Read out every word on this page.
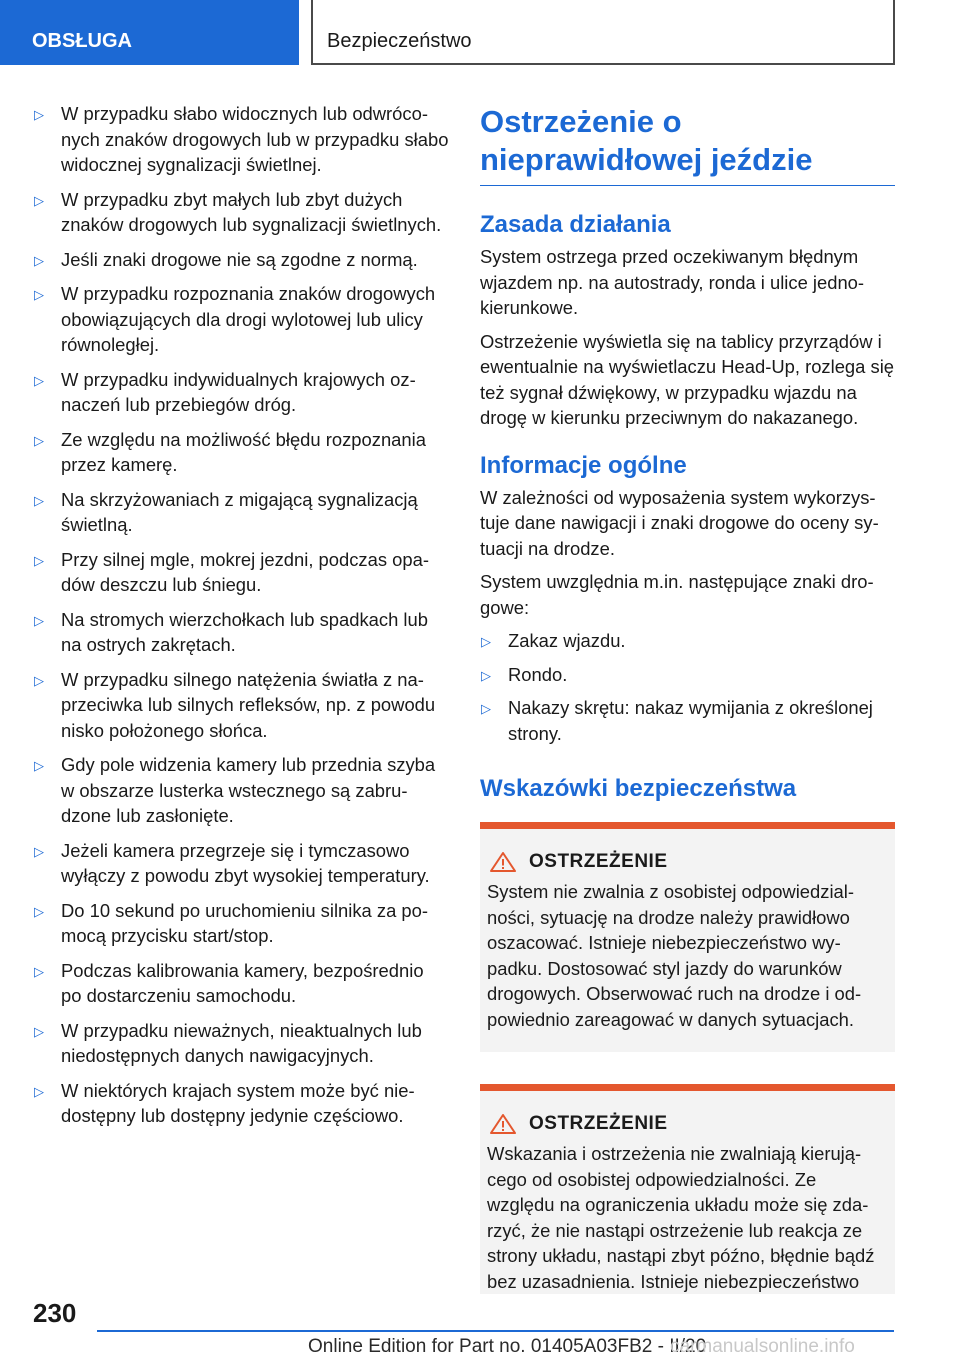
OBSŁUGA	Bezpieczeństwo
▷ W przypadku słabo widocznych lub odwróconych znaków drogowych lub w przypadku słabo widocznej sygnalizacji świetlnej.
▷ W przypadku zbyt małych lub zbyt dużych znaków drogowych lub sygnalizacji świetlnych.
▷ Jeśli znaki drogowe nie są zgodne z normą.
▷ W przypadku rozpoznania znaków drogowych obowiązujących dla drogi wylotowej lub ulicy równoległej.
▷ W przypadku indywidualnych krajowych oznaczeń lub przebiegów dróg.
▷ Ze względu na możliwość błędu rozpoznania przez kamerę.
▷ Na skrzyżowaniach z migającą sygnalizacją świetlną.
▷ Przy silnej mgle, mokrej jezdni, podczas opadów deszczu lub śniegu.
▷ Na stromych wierzchołkach lub spadkach lub na ostrych zakrętach.
▷ W przypadku silnego natężenia światła z naprzeciwka lub silnych refleksów, np. z powodu nisko położonego słońca.
▷ Gdy pole widzenia kamery lub przednia szyba w obszarze lusterka wstecznego są zabrudzone lub zasłonięte.
▷ Jeżeli kamera przegrzeje się i tymczasowo wyłączy z powodu zbyt wysokiej temperatury.
▷ Do 10 sekund po uruchomieniu silnika za pomocą przycisku start/stop.
▷ Podczas kalibrowania kamery, bezpośrednio po dostarczeniu samochodu.
▷ W przypadku nieważnych, nieaktualnych lub niedostępnych danych nawigacyjnych.
▷ W niektórych krajach system może być niedostępny lub dostępny jedynie częściowo.
Ostrzeżenie o nieprawidłowej jeździe
Zasada działania
System ostrzega przed oczekiwanym błędnym wjazdem np. na autostrady, ronda i ulice jednokierunkowe.
Ostrzeżenie wyświetla się na tablicy przyrządów i ewentualnie na wyświetlaczu Head-Up, rozlega się też sygnał dźwiękowy, w przypadku wjazdu na drogę w kierunku przeciwnym do nakazanego.
Informacje ogólne
W zależności od wyposażenia system wykorzystuje dane nawigacji i znaki drogowe do oceny sytuacji na drodze.
System uwzględnia m.in. następujące znaki drogowe:
▷ Zakaz wjazdu.
▷ Rondo.
▷ Nakazy skrętu: nakaz wymijania z określonej strony.
Wskazówki bezpieczeństwa
OSTRZEŻENIE
System nie zwalnia z osobistej odpowiedzialności, sytuację na drodze należy prawidłowo oszacować. Istnieje niebezpieczeństwo wypadku. Dostosować styl jazdy do warunków drogowych. Obserwować ruch na drodze i odpowiednio zareagować w danych sytuacjach.
OSTRZEŻENIE
Wskazania i ostrzeżenia nie zwalniają kierującego od osobistej odpowiedzialności. Ze względu na ograniczenia układu może się zdarzyć, że nie nastąpi ostrzeżenie lub reakcja ze strony układu, nastąpi zbyt późno, błędnie bądź bez uzasadnienia. Istnieje niebezpieczeństwo
230
Online Edition for Part no. 01405A03FB2 - II/20
carmanualsonline.info
